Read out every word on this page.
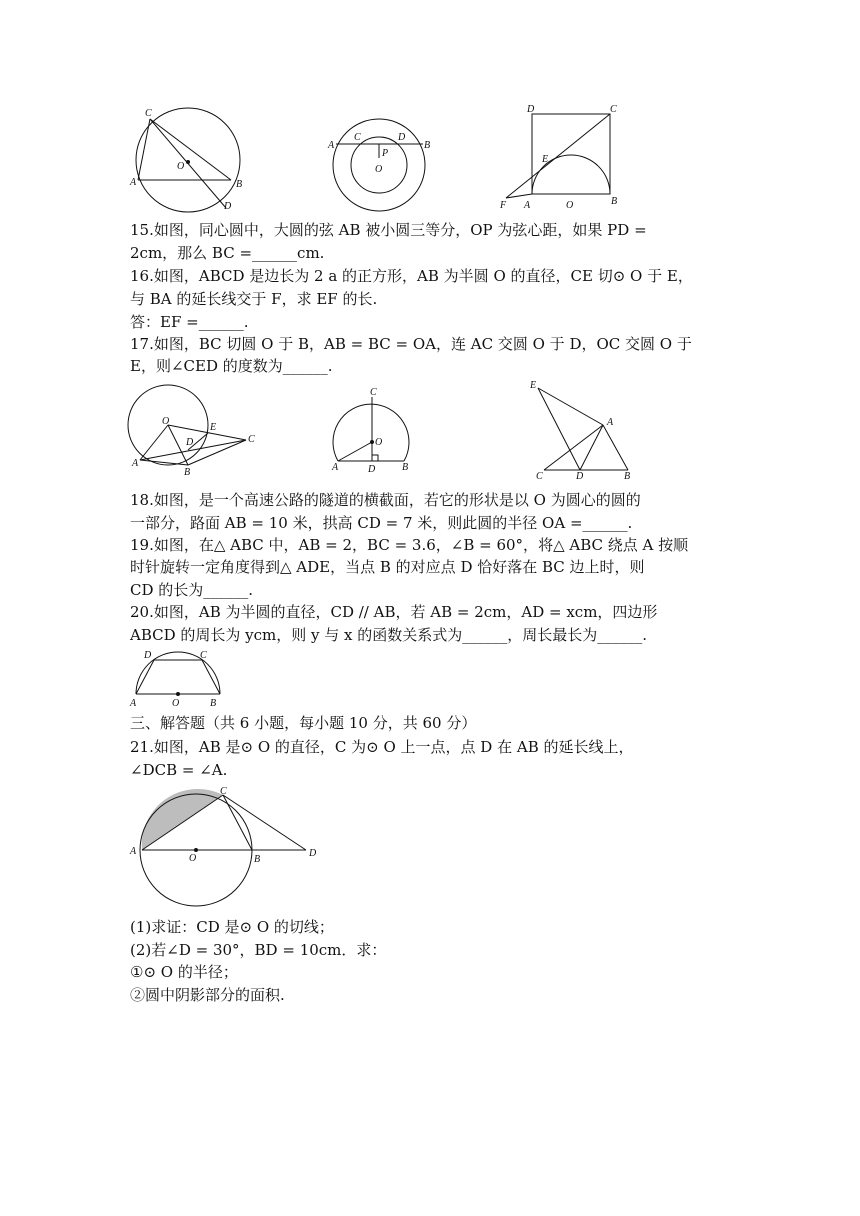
C
O
A	B
D
A
C	D
B
P
O
D	C
E
F A	O	B
15.如图，同心圆中，大圆的弦 AB 被小圆三等分，OP 为弦心距，如果 PD =
2cm，那么 BC =______cm.
16.如图，ABCD 是边长为 2 a 的正方形，AB 为半圆 O 的直径，CE 切⊙ O 于 E，
与 BA 的延长线交于 F，求 EF 的长.
答：EF =______.
17.如图，BC 切圆 O 于 B，AB = BC = OA，连 AC 交圆 O 于 D，OC 交圆 O 于
E，则∠CED 的度数为______.
O
D
E
C
A
B
C
O
A	D	B
E
A
C	D	B
18.如图，是一个高速公路的隧道的横截面，若它的形状是以 O 为圆心的圆的
一部分，路面 AB = 10 米，拱高 CD = 7 米，则此圆的半径 OA =______.
19.如图，在△ ABC 中，AB = 2，BC = 3.6，∠B = 60°，将△ ABC 绕点 A 按顺
时针旋转一定角度得到△ ADE，当点 B 的对应点 D 恰好落在 BC 边上时，则
CD 的长为______.
20.如图，AB 为半圆的直径，CD // AB，若 AB = 2cm，AD = xcm，四边形
ABCD 的周长为 ycm，则 y 与 x 的函数关系式为______，周长最长为______.
D	C
A	O	B
三、解答题（共 6 小题，每小题 10 分，共 60 分）
21.如图，AB 是⊙ O 的直径，C 为⊙ O 上一点，点 D 在 AB 的延长线上，
∠DCB = ∠A.
C
A
O	B
D
(1)求证：CD 是⊙ O 的切线；
(2)若∠D = 30°，BD = 10cm．求：
①⊙ O 的半径；
②圆中阴影部分的面积.
